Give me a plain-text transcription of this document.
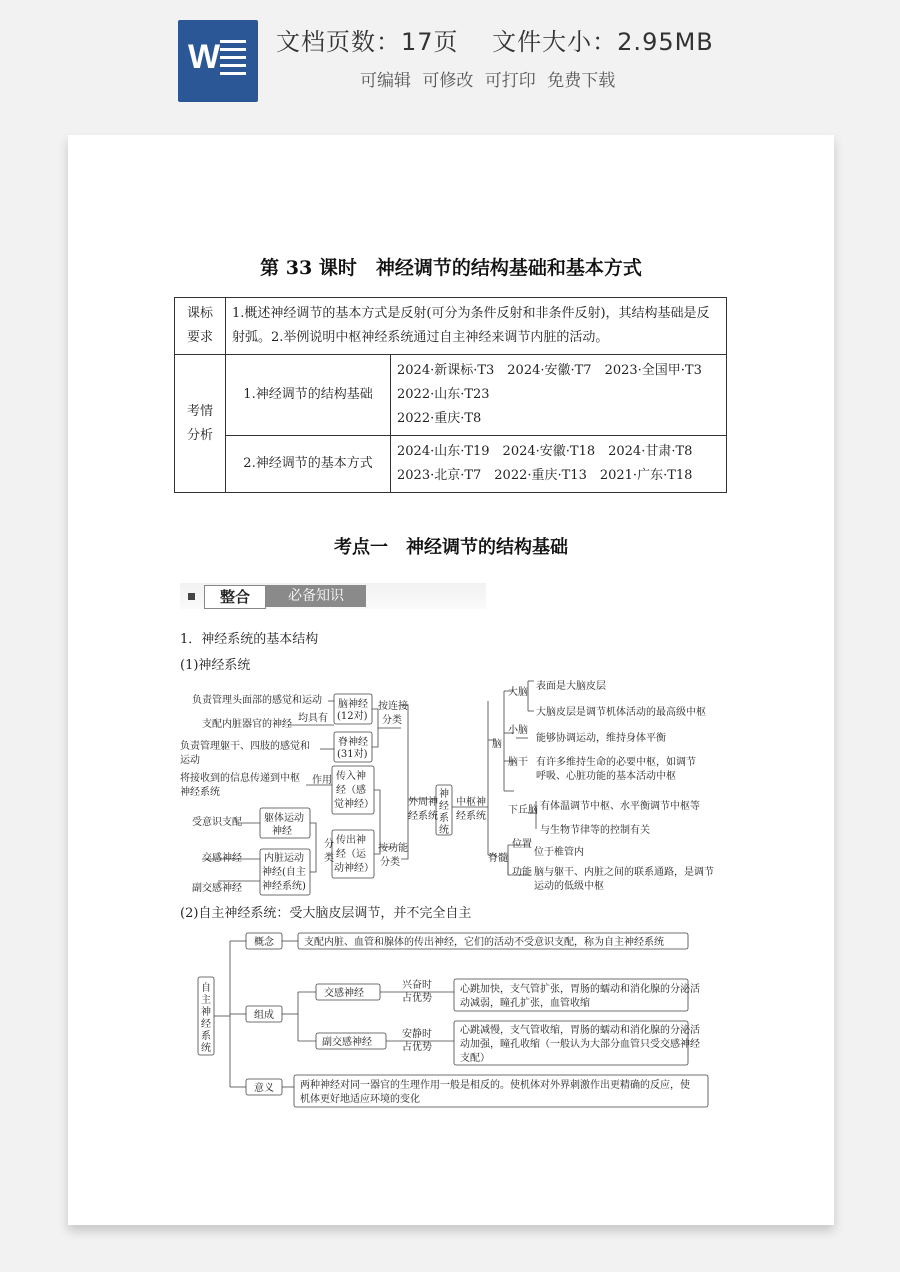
W 文档页数：17页　 文件大小：2.95MB
可编辑 可修改 可打印 免费下载
第 33 课时　神经调节的结构基础和基本方式
课标要求	1.概述神经调节的基本方式是反射(可分为条件反射和非条件反射)，其结构基础是反射弧。2.举例说明中枢神经系统通过自主神经来调节内脏的活动。	
考情分析	1.神经调节的结构基础	2024·新课标·T3　2024·安徽·T7　2023·全国甲·T3
2022·山东·T23
2022·重庆·T8

	2.神经调节的基本方式	2024·山东·T19　2024·安徽·T18　2024·甘肃·T8
2023·北京·T7　2022·重庆·T13　2021·广东·T18
考点一　神经调节的结构基础
整合	必备知识
1．神经系统的基本结构
(1)神经系统
(2)自主神经系统：受大脑皮层调节，并不完全自主
负责管理头面部的感觉和运动
支配内脏器官的神经
负责管理躯干、四肢的感觉和
运动
将接收到的信息传递到中枢
神经系统
受意识支配
交感神经
副交感神经
均具有
作用
脑神经
(12对)
脊神经
(31对)
传入神
经（感
觉神经）
传出神
经（运
动神经）
躯体运动
神经
内脏运动
神经(自主
神经系统)
按连接
分类
分
类
按功能
分类
外周神
经系统
神
经
系
统
中枢神
经系统
脑
脊髓
大脑
小脑
脑干
下丘脑
位置
功能
表面是大脑皮层
大脑皮层是调节机体活动的最高级中枢
能够协调运动，维持身体平衡
有许多维持生命的必要中枢，如调节
呼吸、心脏功能的基本活动中枢
有体温调节中枢、水平衡调节中枢等
与生物节律等的控制有关
位于椎管内
脑与躯干、内脏之间的联系通路，是调节
运动的低级中枢
自
主
神
经
系
统
概念	支配内脏、血管和腺体的传出神经，它们的活动不受意识支配，称为自主神经系统
组成
交感神经
副交感神经
兴奋时
占优势
安静时
占优势
心跳加快，支气管扩张，胃肠的蠕动和消化腺的分泌活
动减弱，瞳孔扩张，血管收缩
心跳减慢，支气管收缩，胃肠的蠕动和消化腺的分泌活
动加强，瞳孔收缩（一般认为大部分血管只受交感神经
支配）
意义	两种神经对同一器官的生理作用一般是相反的。使机体对外界刺激作出更精确的反应，使
机体更好地适应环境的变化
